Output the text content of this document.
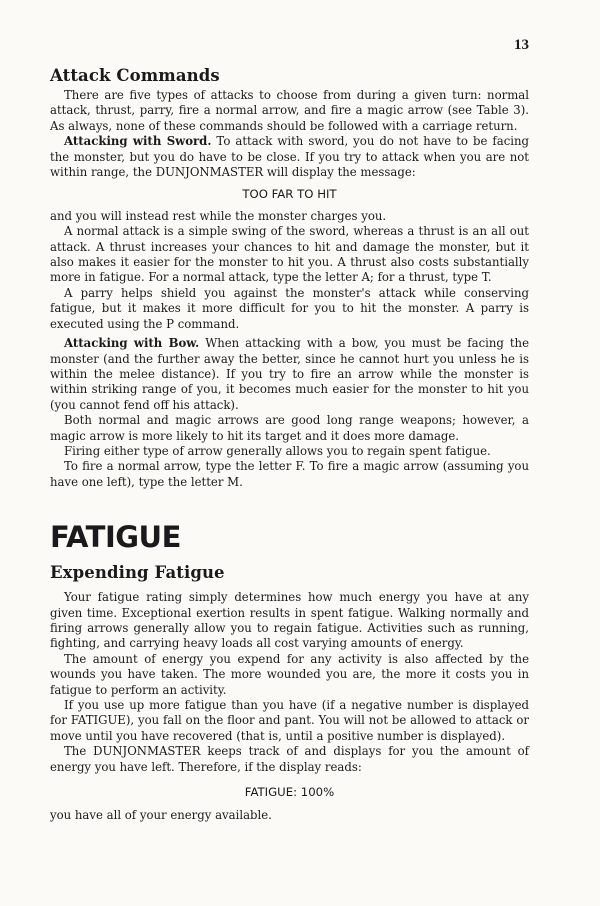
13
Attack Commands

There are five types of attacks to choose from during a given turn: normal attack, thrust, parry, fire a normal arrow, and fire a magic arrow (see Table 3). As always, none of these commands should be followed with a carriage return.

Attacking with Sword. To attack with sword, you do not have to be facing the monster, but you do have to be close. If you try to attack when you are not within range, the DUNJONMASTER will display the message:

TOO FAR TO HIT

and you will instead rest while the monster charges you.

A normal attack is a simple swing of the sword, whereas a thrust is an all out attack. A thrust increases your chances to hit and damage the monster, but it also makes it easier for the monster to hit you. A thrust also costs substantially more in fatigue. For a normal attack, type the letter A; for a thrust, type T.

A parry helps shield you against the monster's attack while conserving fatigue, but it makes it more difficult for you to hit the monster. A parry is executed using the P command.

Attacking with Bow. When attacking with a bow, you must be facing the monster (and the further away the better, since he cannot hurt you unless he is within the melee distance). If you try to fire an arrow while the monster is within striking range of you, it becomes much easier for the monster to hit you (you cannot fend off his attack).

Both normal and magic arrows are good long range weapons; however, a magic arrow is more likely to hit its target and it does more damage.

Firing either type of arrow generally allows you to regain spent fatigue.

To fire a normal arrow, type the letter F. To fire a magic arrow (assuming you have one left), type the letter M.

FATIGUE
Expending Fatigue

Your fatigue rating simply determines how much energy you have at any given time. Exceptional exertion results in spent fatigue. Walking normally and firing arrows generally allow you to regain fatigue. Activities such as running, fighting, and carrying heavy loads all cost varying amounts of energy.

The amount of energy you expend for any activity is also affected by the wounds you have taken. The more wounded you are, the more it costs you in fatigue to perform an activity.

If you use up more fatigue than you have (if a negative number is displayed for FATIGUE), you fall on the floor and pant. You will not be allowed to attack or move until you have recovered (that is, until a positive number is displayed).

The DUNJONMASTER keeps track of and displays for you the amount of energy you have left. Therefore, if the display reads:

FATIGUE: 100%

you have all of your energy available.
